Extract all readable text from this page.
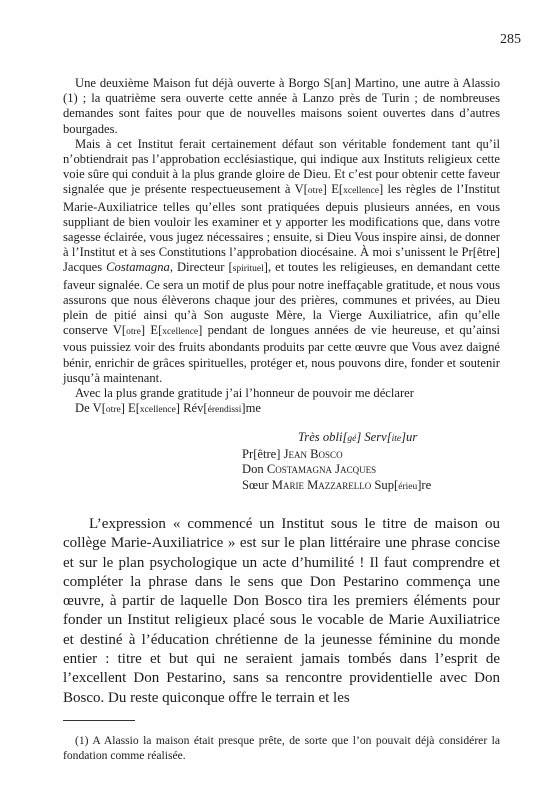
285

Une deuxième Maison fut déjà ouverte à Borgo S[an] Martino, une autre à Alassio (1) ; la quatrième sera ouverte cette année à Lanzo près de Turin ; de nombreuses demandes sont faites pour que de nouvelles maisons soient ouvertes dans d’autres bourgades.

Mais à cet Institut ferait certainement défaut son véritable fondement tant qu’il n’obtiendrait pas l’approbation ecclésiastique, qui indique aux Instituts religieux cette voie sûre qui conduit à la plus grande gloire de Dieu. Et c’est pour obtenir cette faveur signalée que je présente respectueusement à V[otre] E[xcellence] les règles de l’Institut Marie-Auxiliatrice telles qu’elles sont pratiquées depuis plusieurs années, en vous suppliant de bien vouloir les examiner et y apporter les modifications que, dans votre sagesse éclairée, vous jugez nécessaires ; ensuite, si Dieu Vous inspire ainsi, de donner à l’Institut et à ses Constitutions l’approbation diocésaine. À moi s’unissent le Pr[être] Jacques Costamagna, Directeur [spirituel], et toutes les religieuses, en demandant cette faveur signalée. Ce sera un motif de plus pour notre ineffaçable gratitude, et nous vous assurons que nous élèverons chaque jour des prières, communes et privées, au Dieu plein de pitié ainsi qu’à Son auguste Mère, la Vierge Auxiliatrice, afin qu’elle conserve V[otre] E[xcellence] pendant de longues années de vie heureuse, et qu’ainsi vous puissiez voir des fruits abondants produits par cette œuvre que Vous avez daigné bénir, enrichir de grâces spirituelles, protéger et, nous pouvons dire, fonder et soutenir jusqu’à maintenant.

Avec la plus grande gratitude j’ai l’honneur de pouvoir me déclarer

De V[otre] E[xcellence] Rév[érendissi]me

Très obli[gé] Serv[ite]ur
Pr[être] Jean Bosco
Don Costamagna Jacques
Sœur Marie Mazzarello Sup[érieu]re

L’expression « commencé un Institut sous le titre de maison ou collège Marie-Auxiliatrice » est sur le plan littéraire une phrase concise et sur le plan psychologique un acte d’humilité ! Il faut comprendre et compléter la phrase dans le sens que Don Pestarino commença une œuvre, à partir de laquelle Don Bosco tira les premiers éléments pour fonder un Institut religieux placé sous le vocable de Marie Auxiliatrice et destiné à l’éducation chrétienne de la jeunesse féminine du monde entier : titre et but qui ne seraient jamais tombés dans l’esprit de l’excellent Don Pestarino, sans sa rencontre providentielle avec Don Bosco. Du reste quiconque offre le terrain et les

(1) A Alassio la maison était presque prête, de sorte que l’on pouvait déjà considérer la fondation comme réalisée.
